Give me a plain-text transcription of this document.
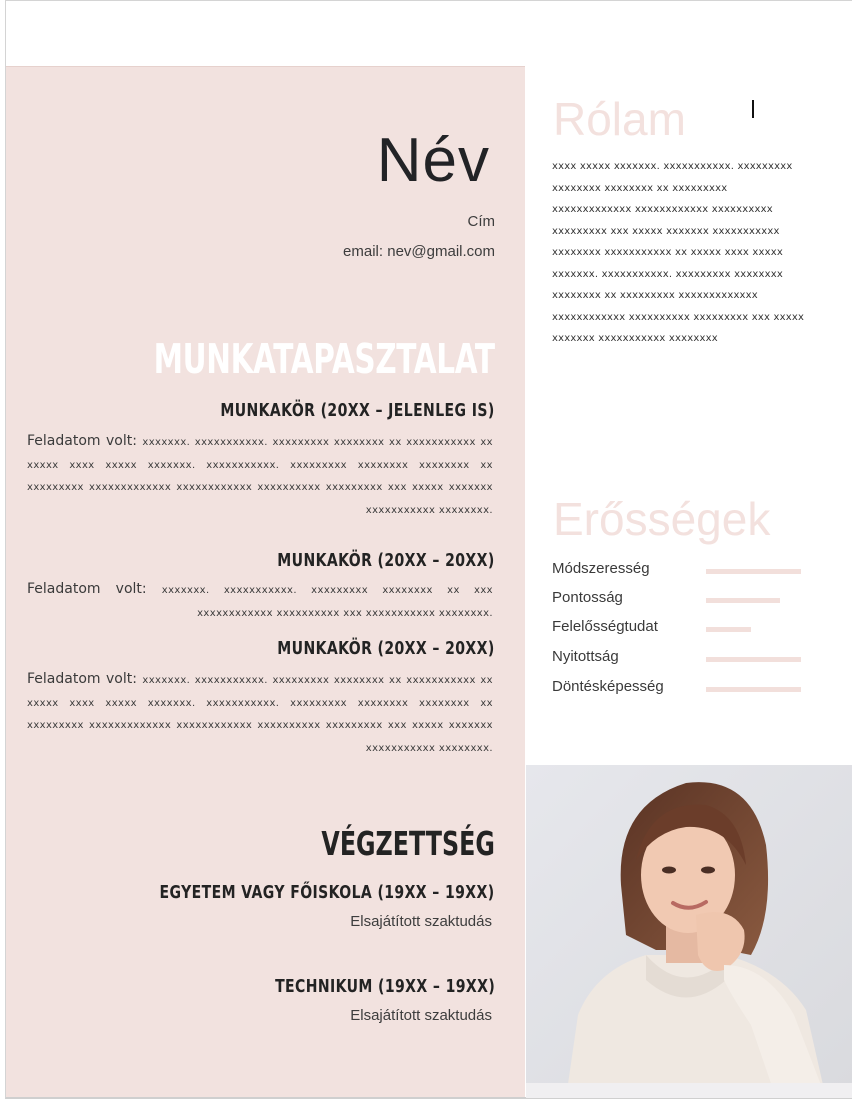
Név
Cím
email: nev@gmail.com
MUNKATAPASZTALAT
MUNKAKÖR (20XX – JELENLEG IS)
Feladatom volt: xxxxxxx. xxxxxxxxxxx. xxxxxxxxx xxxxxxxx xx xxxxxxxxxxx xx xxxxx xxxx xxxxx xxxxxxx. xxxxxxxxxxx. xxxxxxxxx xxxxxxxx xxxxxxxx xx xxxxxxxxx xxxxxxxxxxxxx xxxxxxxxxxxx xxxxxxxxxx xxxxxxxxx xxx xxxxx xxxxxxx xxxxxxxxxxx xxxxxxxx.
MUNKAKÖR (20XX – 20XX)
Feladatom volt: xxxxxxx. xxxxxxxxxxx. xxxxxxxxx xxxxxxxx xx xxx xxxxxxxxxxxx xxxxxxxxxx xxx xxxxxxxxxxx xxxxxxxx.
MUNKAKÖR (20XX – 20XX)
Feladatom volt: xxxxxxx. xxxxxxxxxxx. xxxxxxxxx xxxxxxxx xx xxxxxxxxxxx xx xxxxx xxxx xxxxx xxxxxxx. xxxxxxxxxxx. xxxxxxxxx xxxxxxxx xxxxxxxx xx xxxxxxxxx xxxxxxxxxxxxx xxxxxxxxxxxx xxxxxxxxxx xxxxxxxxx xxx xxxxx xxxxxxx xxxxxxxxxxx xxxxxxxx.
VÉGZETTSÉG
EGYETEM VAGY FŐISKOLA (19XX – 19XX)
Elsajátított szaktudás
TECHNIKUM (19XX – 19XX)
Elsajátított szaktudás
Rólam
xxxx xxxxx xxxxxxx. xxxxxxxxxxx. xxxxxxxxx xxxxxxxx xxxxxxxx xx xxxxxxxxx xxxxxxxxxxxxx xxxxxxxxxxxx xxxxxxxxxx xxxxxxxxx xxx xxxxx xxxxxxx xxxxxxxxxxx xxxxxxxx xxxxxxxxxxx xx xxxxx xxxx xxxxx xxxxxxx. xxxxxxxxxxx. xxxxxxxxx xxxxxxxx xxxxxxxx xx xxxxxxxxx xxxxxxxxxxxxx xxxxxxxxxxxx xxxxxxxxxx xxxxxxxxx xxx xxxxx xxxxxxx xxxxxxxxxxx xxxxxxxx
Erősségek
Módszeresség
Pontosság
Felelősségtudat
Nyitottság
Döntésképesség
